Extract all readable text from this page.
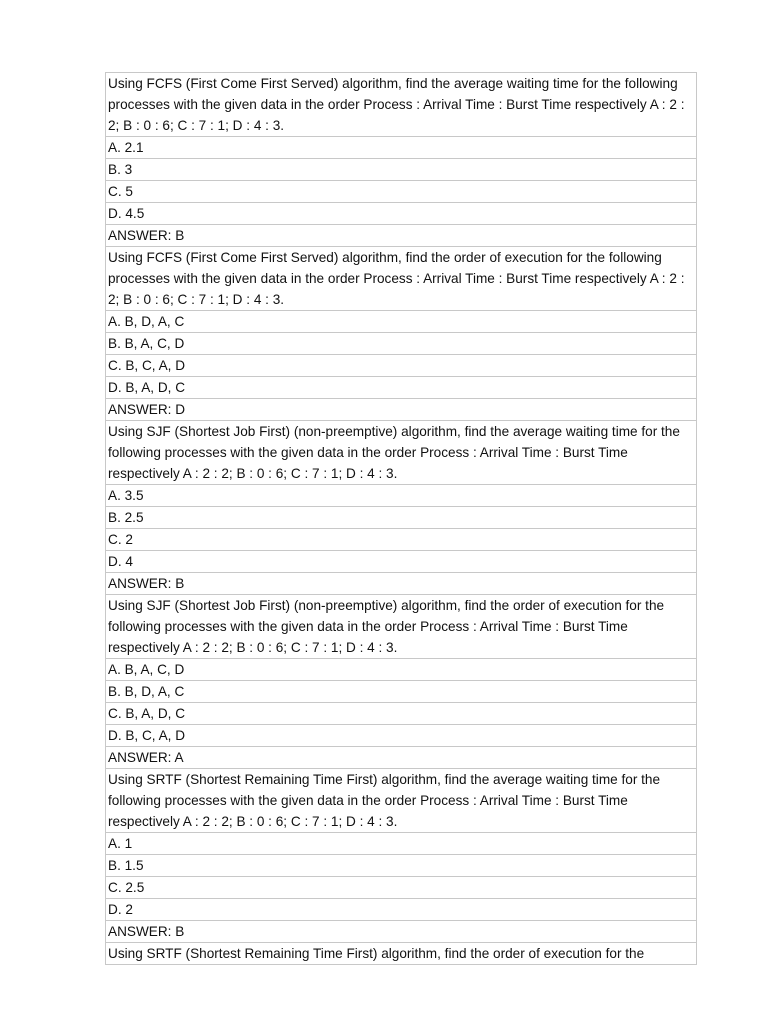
Using FCFS (First Come First Served) algorithm, find the average waiting time for the following processes with the given data in the order Process : Arrival Time : Burst Time respectively A : 2 : 2; B : 0 : 6; C : 7 : 1; D : 4 : 3.
A. 2.1
B. 3
C. 5
D. 4.5
ANSWER: B
Using FCFS (First Come First Served) algorithm, find the order of execution for the following processes with the given data in the order Process : Arrival Time : Burst Time respectively A : 2 : 2; B : 0 : 6; C : 7 : 1; D : 4 : 3.
A. B, D, A, C
B. B, A, C, D
C. B, C, A, D
D. B, A, D, C
ANSWER: D
Using SJF (Shortest Job First) (non-preemptive) algorithm, find the average waiting time for the following processes with the given data in the order Process : Arrival Time : Burst Time respectively A : 2 : 2; B : 0 : 6; C : 7 : 1; D : 4 : 3.
A. 3.5
B. 2.5
C. 2
D. 4
ANSWER: B
Using SJF (Shortest Job First) (non-preemptive) algorithm, find the order of execution for the following processes with the given data in the order Process : Arrival Time : Burst Time respectively A : 2 : 2; B : 0 : 6; C : 7 : 1; D : 4 : 3.
A. B, A, C, D
B. B, D, A, C
C. B, A, D, C
D. B, C, A, D
ANSWER: A
Using SRTF (Shortest Remaining Time First) algorithm, find the average waiting time for the following processes with the given data in the order Process : Arrival Time : Burst Time respectively A : 2 : 2; B : 0 : 6; C : 7 : 1; D : 4 : 3.
A. 1
B. 1.5
C. 2.5
D. 2
ANSWER: B
Using SRTF (Shortest Remaining Time First) algorithm, find the order of execution for the
